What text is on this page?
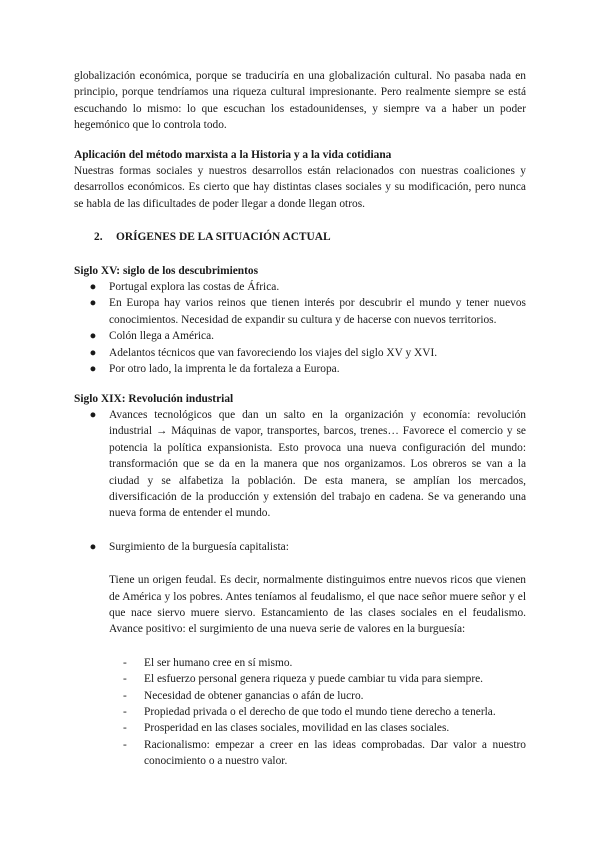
globalización económica, porque se traduciría en una globalización cultural. No pasaba nada en principio, porque tendríamos una riqueza cultural impresionante. Pero realmente siempre se está escuchando lo mismo: lo que escuchan los estadounidenses, y siempre va a haber un poder hegemónico que lo controla todo.

Aplicación del método marxista a la Historia y a la vida cotidiana

Nuestras formas sociales y nuestros desarrollos están relacionados con nuestras coaliciones y desarrollos económicos. Es cierto que hay distintas clases sociales y su modificación, pero nunca se habla de las dificultades de poder llegar a donde llegan otros.

2. ORÍGENES DE LA SITUACIÓN ACTUAL

Siglo XV: siglo de los descubrimientos

● Portugal explora las costas de África.
● En Europa hay varios reinos que tienen interés por descubrir el mundo y tener nuevos conocimientos. Necesidad de expandir su cultura y de hacerse con nuevos territorios.
● Colón llega a América.
● Adelantos técnicos que van favoreciendo los viajes del siglo XV y XVI.
● Por otro lado, la imprenta le da fortaleza a Europa.

Siglo XIX: Revolución industrial

● Avances tecnológicos que dan un salto en la organización y economía: revolución industrial → Máquinas de vapor, transportes, barcos, trenes… Favorece el comercio y se potencia la política expansionista. Esto provoca una nueva configuración del mundo: transformación que se da en la manera que nos organizamos. Los obreros se van a la ciudad y se alfabetiza la población. De esta manera, se amplían los mercados, diversificación de la producción y extensión del trabajo en cadena. Se va generando una nueva forma de entender el mundo.
● Surgimiento de la burguesía capitalista:

Tiene un origen feudal. Es decir, normalmente distinguimos entre nuevos ricos que vienen de América y los pobres. Antes teníamos al feudalismo, el que nace señor muere señor y el que nace siervo muere siervo. Estancamiento de las clases sociales en el feudalismo. Avance positivo: el surgimiento de una nueva serie de valores en la burguesía:

- El ser humano cree en sí mismo.
- El esfuerzo personal genera riqueza y puede cambiar tu vida para siempre.
- Necesidad de obtener ganancias o afán de lucro.
- Propiedad privada o el derecho de que todo el mundo tiene derecho a tenerla.
- Prosperidad en las clases sociales, movilidad en las clases sociales.
- Racionalismo: empezar a creer en las ideas comprobadas. Dar valor a nuestro conocimiento o a nuestro valor.
